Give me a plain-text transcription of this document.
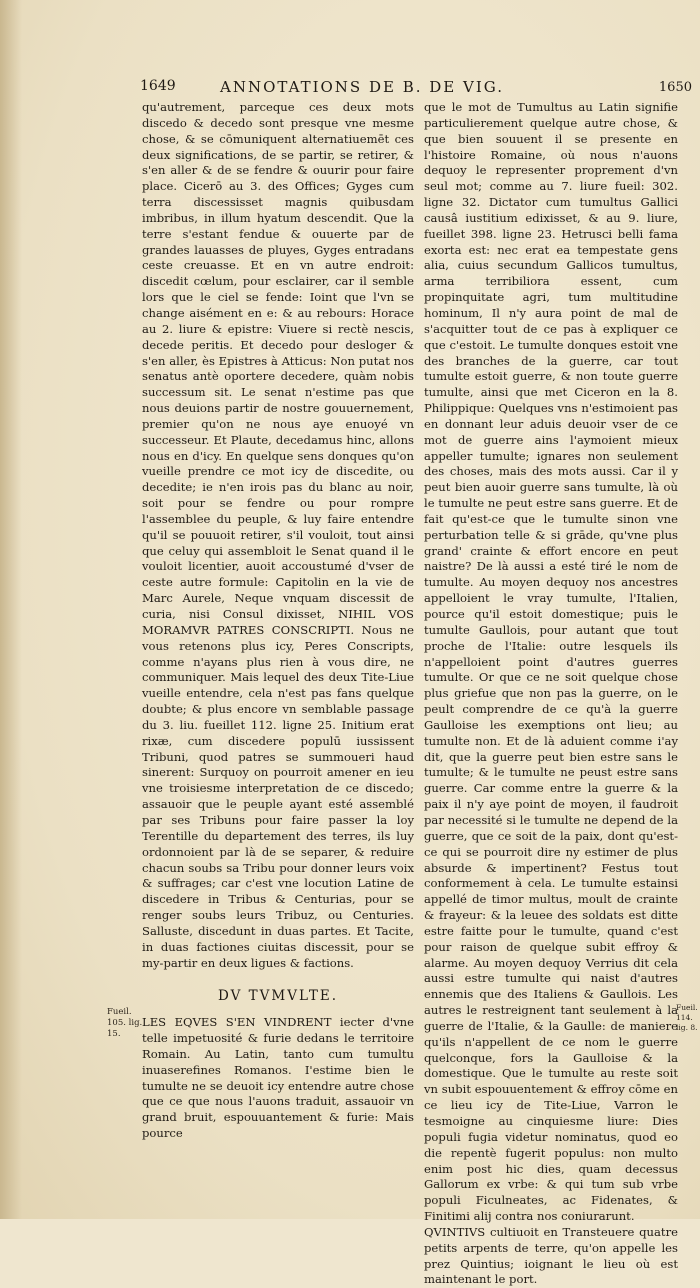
1649	ANNOTATIONS DE B. DE VIG.	1650

qu'autrement, parceque ces deux mots discedo & decedo sont presque vne mesme chose, & se cōmuniquent alternatiuemēt ces deux significations, de se partir, se retirer, & s'en aller & de se fendre & ouurir pour faire place. Cicerō au 3. des Offices; Gyges cum terra discessisset magnis quibusdam imbribus, in illum hyatum descendit. Que la terre s'estant fendue & ouuerte par de grandes lauasses de pluyes, Gyges entradans ceste creuasse. Et en vn autre endroit: discedit cœlum, pour esclairer, car il semble lors que le ciel se fende: Ioint que l'vn se change aisément en e: & au rebours: Horace au 2. liure & epistre: Viuere si rectè nescis, decede peritis. Et decedo pour desloger & s'en aller, ès Epistres à Atticus: Non putat nos senatus antè oportere decedere, quàm nobis successum sit. Le senat n'estime pas que nous deuions partir de nostre gouuernement, premier qu'on ne nous aye enuoyé vn successeur. Et Plaute, decedamus hinc, allons nous en d'icy. En quelque sens donques qu'on vueille prendre ce mot icy de discedite, ou decedite; ie n'en irois pas du blanc au noir, soit pour se fendre ou pour rompre l'assemblee du peuple, & luy faire entendre qu'il se pouuoit retirer, s'il vouloit, tout ainsi que celuy qui assembloit le Senat quand il le vouloit licentier, auoit accoustumé d'vser de ceste autre formule: Capitolin en la vie de Marc Aurele, Neque vnquam discessit de curia, nisi Consul dixisset, NIHIL VOS MORAMVR PATRES CONSCRIPTI. Nous ne vous retenons plus icy, Peres Conscripts, comme n'ayans plus rien à vous dire, ne communiquer. Mais lequel des deux Tite-Liue vueille entendre, cela n'est pas fans quelque doubte; & plus encore vn semblable passage du 3. liu. fueillet 112. ligne 25. Initium erat rixæ, cum discedere populū iussissent Tribuni, quod patres se summoueri haud sinerent: Surquoy on pourroit amener en ieu vne troisiesme interpretation de ce discedo; assauoir que le peuple ayant esté assemblé par ses Tribuns pour faire passer la loy Terentille du departement des terres, ils luy ordonnoient par là de se separer, & reduire chacun soubs sa Tribu pour donner leurs voix & suffrages; car c'est vne locution Latine de discedere in Tribus & Centurias, pour se renger soubs leurs Tribuz, ou Centuries. Salluste, discedunt in duas partes. Et Tacite, in duas factiones ciuitas discessit, pour se my-partir en deux ligues & factions.

DV TVMVLTE.

LES EQVES S'EN VINDRENT iecter d'vne telle impetuosité & furie dedans le territoire Romain. Au Latin, tanto cum tumultu inuaserefines Romanos. I'estime bien le tumulte ne se deuoit icy entendre autre chose que ce que nous l'auons traduit, assauoir vn grand bruit, espouuantement & furie: Mais pource

Fueil. 105. lig. 15.

que le mot de Tumultus au Latin signifie particulierement quelque autre chose, & que bien souuent il se presente en l'histoire Romaine, où nous n'auons dequoy le representer proprement d'vn seul mot; comme au 7. liure fueil: 302. ligne 32. Dictator cum tumultus Gallici causâ iustitium edixisset, & au 9. liure, fueillet 398. ligne 23. Hetrusci belli fama exorta est: nec erat ea tempestate gens alia, cuius secundum Gallicos tumultus, arma terribiliora essent, cum propinquitate agri, tum multitudine hominum, Il n'y aura point de mal de s'acquitter tout de ce pas à expliquer ce que c'estoit. Le tumulte donques estoit vne des branches de la guerre, car tout tumulte estoit guerre, & non toute guerre tumulte, ainsi que met Ciceron en la 8. Philippique: Quelques vns n'estimoient pas en donnant leur aduis deuoir vser de ce mot de guerre ains l'aymoient mieux appeller tumulte; ignares non seulement des choses, mais des mots aussi. Car il y peut bien auoir guerre sans tumulte, là où le tumulte ne peut estre sans guerre. Et de fait qu'est-ce que le tumulte sinon vne perturbation telle & si grāde, qu'vne plus grand' crainte & effort encore en peut naistre? De là aussi a esté tiré le nom de tumulte. Au moyen dequoy nos ancestres appelloient le vray tumulte, l'Italien, pource qu'il estoit domestique; puis le tumulte Gaullois, pour autant que tout proche de l'Italie: outre lesquels ils n'appelloient point d'autres guerres tumulte. Or que ce ne soit quelque chose plus griefue que non pas la guerre, on le peult comprendre de ce qu'à la guerre Gaulloise les exemptions ont lieu; au tumulte non. Et de là aduient comme i'ay dit, que la guerre peut bien estre sans le tumulte; & le tumulte ne peust estre sans guerre. Car comme entre la guerre & la paix il n'y aye point de moyen, il faudroit par necessité si le tumulte ne depend de la guerre, que ce soit de la paix, dont qu'est-ce qui se pourroit dire ny estimer de plus absurde & impertinent? Festus tout conformement à cela. Le tumulte estainsi appellé de timor multus, moult de crainte & frayeur: & la leuee des soldats est ditte estre faitte pour le tumulte, quand c'est pour raison de quelque subit effroy & alarme. Au moyen dequoy Verrius dit cela aussi estre tumulte qui naist d'autres ennemis que des Italiens & Gaullois. Les autres le restreignent tant seulement à la guerre de l'Italie, & la Gaulle: de maniere qu'ils n'appellent de ce nom le guerre quelconque, fors la Gaulloise & la domestique. Que le tumulte au reste soit vn subit espouuentement & effroy cōme en ce lieu icy de Tite-Liue, Varron le tesmoigne au cinquiesme liure: Dies populi fugia videtur nominatus, quod eo die repentè fugerit populus: non multo enim post hic dies, quam decessus Gallorum ex vrbe: & qui tum sub vrbe populi Ficulneates, ac Fidenates, & Finitimi alij contra nos coniurarunt.

QVINTIVS cultiuoit en Transteuere quatre petits arpents de terre, qu'on appelle les prez Quintius; ioignant le lieu où est maintenant le port.

Fueil. 114. lig. 8.
